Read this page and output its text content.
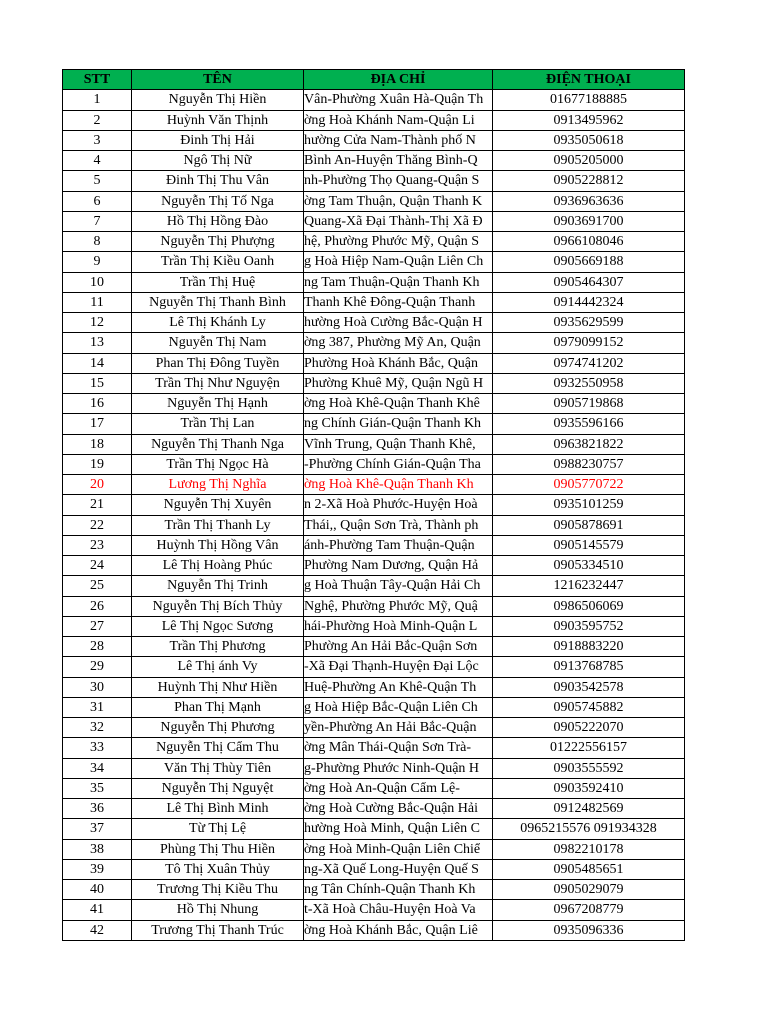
STT	TÊN	ĐỊA CHỈ	ĐIỆN THOẠI
1	Nguyễn Thị Hiền	Vân-Phường Xuân Hà-Quận Th	01677188885
2	Huỳnh Văn Thịnh	ờng Hoà Khánh Nam-Quận Li	0913495962
3	Đinh Thị Hải	hường Cửa Nam-Thành phố N	0935050618
4	Ngô Thị Nữ	Bình An-Huyện Thăng Bình-Q	0905205000
5	Đinh Thị Thu Vân	nh-Phường Thọ Quang-Quận S	0905228812
6	Nguyễn Thị Tố Nga	ờng Tam Thuận, Quận Thanh K	0936963636
7	Hồ Thị Hồng Đào	Quang-Xã Đại Thành-Thị Xã Đ	0903691700
8	Nguyễn Thị Phượng	hệ, Phường Phước Mỹ, Quận S	0966108046
9	Trần Thị Kiều Oanh	g Hoà Hiệp Nam-Quận Liên Ch	0905669188
10	Trần Thị Huệ	ng Tam Thuận-Quận Thanh Kh	0905464307
11	Nguyễn Thị Thanh Bình	Thanh Khê Đông-Quận Thanh	0914442324
12	Lê Thị Khánh Ly	hường Hoà Cường Bắc-Quận H	0935629599
13	Nguyễn Thị Nam	ờng 387, Phường Mỹ An, Quận	0979099152
14	Phan Thị Đông Tuyền	Phường Hoà Khánh Bắc, Quận	0974741202
15	Trần Thị Như Nguyện	Phường Khuê Mỹ, Quận Ngũ H	0932550958
16	Nguyễn Thị Hạnh	ờng Hoà Khê-Quận Thanh Khê	0905719868
17	Trần Thị Lan	ng Chính Gián-Quận Thanh Kh	0935596166
18	Nguyễn Thị Thanh Nga	Vĩnh Trung, Quận Thanh Khê,	0963821822
19	Trần Thị Ngọc Hà	-Phường Chính Gián-Quận Tha	0988230757
20	Lương Thị Nghĩa	ờng Hoà Khê-Quận Thanh Kh	0905770722
21	Nguyễn Thị Xuyên	n 2-Xã Hoà Phước-Huyện Hoà	0935101259
22	Trần Thị Thanh Ly	Thái,, Quận Sơn Trà, Thành ph	0905878691
23	Huỳnh Thị Hồng Vân	ánh-Phường Tam Thuận-Quận	0905145579
24	Lê Thị Hoàng Phúc	Phường Nam Dương, Quận Hả	0905334510
25	Nguyễn Thị Trinh	g Hoà Thuận Tây-Quận Hải Ch	1216232447
26	Nguyễn Thị Bích Thủy	Nghệ, Phường Phước Mỹ, Quậ	0986506069
27	Lê Thị Ngọc Sương	hái-Phường Hoà Minh-Quận L	0903595752
28	Trần Thị Phương	Phường An Hải Bắc-Quận Sơn	0918883220
29	Lê Thị ánh Vy	-Xã Đại Thạnh-Huyện Đại Lộc	0913768785
30	Huỳnh Thị Như Hiền	Huệ-Phường An Khê-Quận Th	0903542578
31	Phan Thị Mạnh	g Hoà Hiệp Bắc-Quận Liên Ch	0905745882
32	Nguyễn Thị Phương	yền-Phường An Hải Bắc-Quận	0905222070
33	Nguyễn Thị Cẩm Thu	ờng Mân Thái-Quận Sơn Trà-	01222556157
34	Văn Thị Thùy Tiên	g-Phường Phước Ninh-Quận H	0903555592
35	Nguyễn Thị Nguyệt	ờng Hoà An-Quận Cẩm Lệ-	0903592410
36	Lê Thị Bình Minh	ờng Hoà Cường Bắc-Quận Hải	0912482569
37	Từ Thị Lệ	hường Hoà Minh, Quận Liên C	0965215576 091934328
38	Phùng Thị Thu Hiền	ờng Hoà Minh-Quận Liên Chiể	0982210178
39	Tô Thị Xuân Thủy	ng-Xã Quế Long-Huyện Quế S	0905485651
40	Trương Thị Kiều Thu	ng Tân Chính-Quận Thanh Kh	0905029079
41	Hồ Thị Nhung	t-Xã Hoà Châu-Huyện Hoà Va	0967208779
42	Trương Thị Thanh Trúc	ờng Hoà Khánh Bắc, Quận Liê	0935096336
